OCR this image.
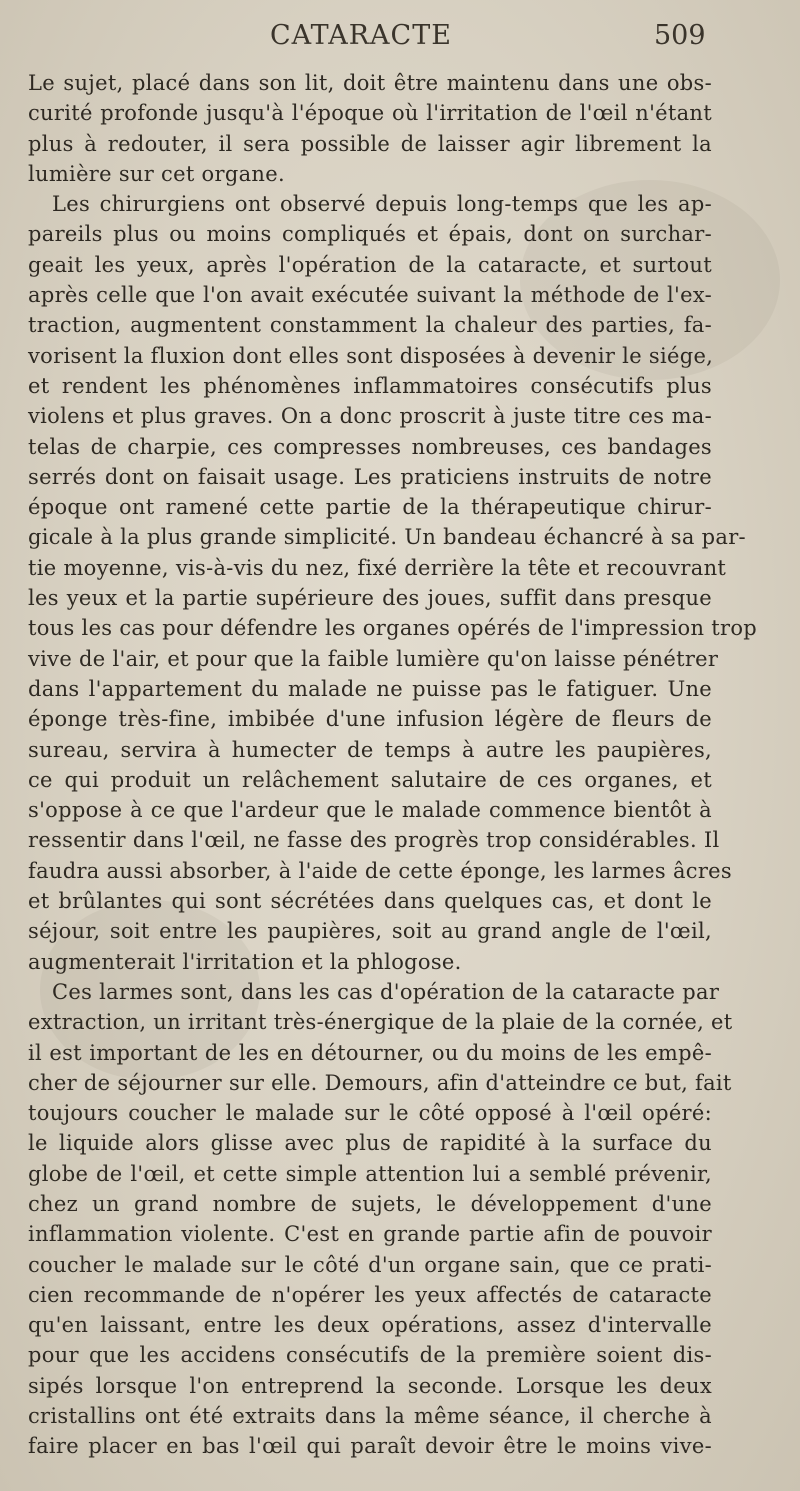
CATARACTE	509
Le sujet, placé dans son lit, doit être maintenu dans une obs-
curité profonde jusqu'à l'époque où l'irritation de l'œil n'étant
plus à redouter, il sera possible de laisser agir librement la
lumière sur cet organe.
Les chirurgiens ont observé depuis long-temps que les ap-
pareils plus ou moins compliqués et épais, dont on surchar-
geait les yeux, après l'opération de la cataracte, et surtout
après celle que l'on avait exécutée suivant la méthode de l'ex-
traction, augmentent constamment la chaleur des parties, fa-
vorisent la fluxion dont elles sont disposées à devenir le siége,
et rendent les phénomènes inflammatoires consécutifs plus
violens et plus graves. On a donc proscrit à juste titre ces ma-
telas de charpie, ces compresses nombreuses, ces bandages
serrés dont on faisait usage. Les praticiens instruits de notre
époque ont ramené cette partie de la thérapeutique chirur-
gicale à la plus grande simplicité. Un bandeau échancré à sa par-
tie moyenne, vis-à-vis du nez, fixé derrière la tête et recouvrant
les yeux et la partie supérieure des joues, suffit dans presque
tous les cas pour défendre les organes opérés de l'impression trop
vive de l'air, et pour que la faible lumière qu'on laisse pénétrer
dans l'appartement du malade ne puisse pas le fatiguer. Une
éponge très-fine, imbibée d'une infusion légère de fleurs de
sureau, servira à humecter de temps à autre les paupières,
ce qui produit un relâchement salutaire de ces organes, et
s'oppose à ce que l'ardeur que le malade commence bientôt à
ressentir dans l'œil, ne fasse des progrès trop considérables. Il
faudra aussi absorber, à l'aide de cette éponge, les larmes âcres
et brûlantes qui sont sécrétées dans quelques cas, et dont le
séjour, soit entre les paupières, soit au grand angle de l'œil,
augmenterait l'irritation et la phlogose.
Ces larmes sont, dans les cas d'opération de la cataracte par
extraction, un irritant très-énergique de la plaie de la cornée, et
il est important de les en détourner, ou du moins de les empê-
cher de séjourner sur elle. Demours, afin d'atteindre ce but, fait
toujours coucher le malade sur le côté opposé à l'œil opéré:
le liquide alors glisse avec plus de rapidité à la surface du
globe de l'œil, et cette simple attention lui a semblé prévenir,
chez un grand nombre de sujets, le développement d'une
inflammation violente. C'est en grande partie afin de pouvoir
coucher le malade sur le côté d'un organe sain, que ce prati-
cien recommande de n'opérer les yeux affectés de cataracte
qu'en laissant, entre les deux opérations, assez d'intervalle
pour que les accidens consécutifs de la première soient dis-
sipés lorsque l'on entreprend la seconde. Lorsque les deux
cristallins ont été extraits dans la même séance, il cherche à
faire placer en bas l'œil qui paraît devoir être le moins vive-
